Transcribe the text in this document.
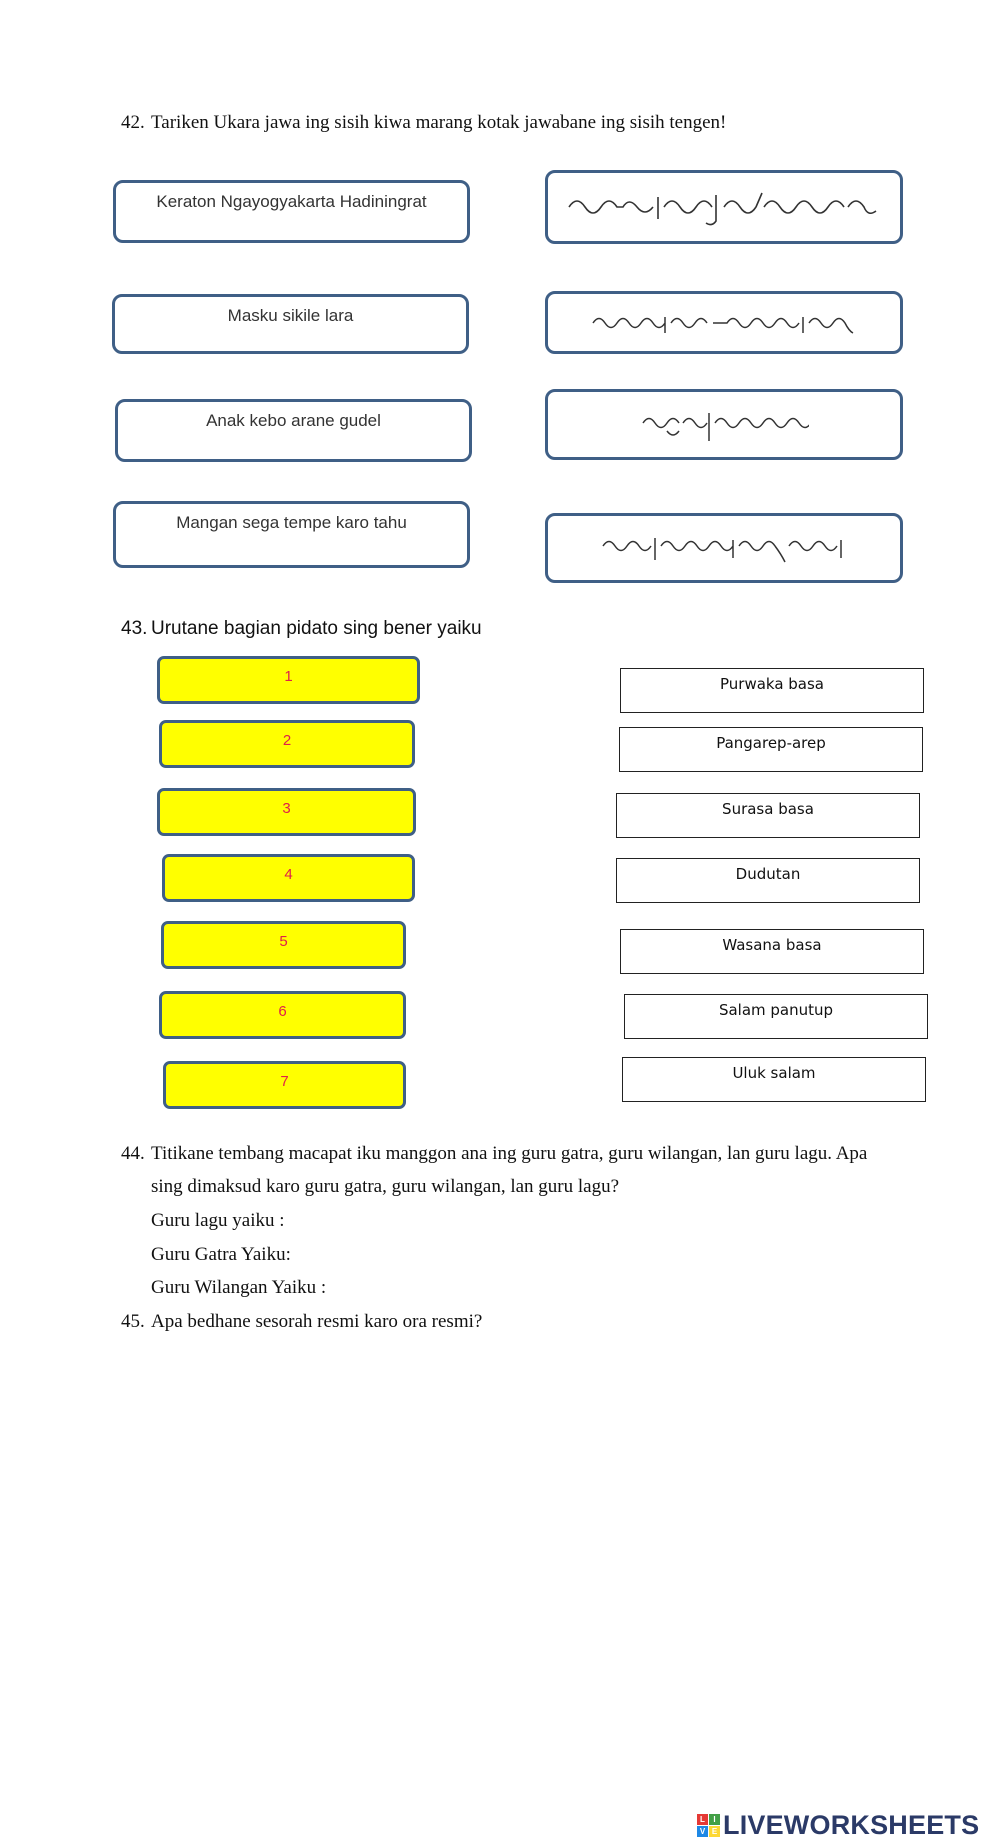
42. Tariken Ukara jawa ing sisih kiwa marang kotak jawabane ing sisih tengen!
Keraton Ngayogyakarta Hadiningrat
Masku sikile lara
Anak kebo arane gudel
Mangan sega tempe karo tahu
43. Urutane bagian pidato sing bener yaiku
1
2
3
4
5
6
7
Purwaka basa
Pangarep-arep
Surasa basa
Dudutan
Wasana basa
Salam panutup
Uluk salam
44. Titikane tembang macapat iku manggon ana ing guru gatra, guru wilangan, lan guru lagu. Apa
sing dimaksud karo guru gatra, guru wilangan, lan guru lagu?
Guru lagu yaiku :
Guru Gatra Yaiku:
Guru Wilangan Yaiku :
45. Apa bedhane sesorah resmi karo ora resmi?
L	I
V E LIVEWORKSHEETS
